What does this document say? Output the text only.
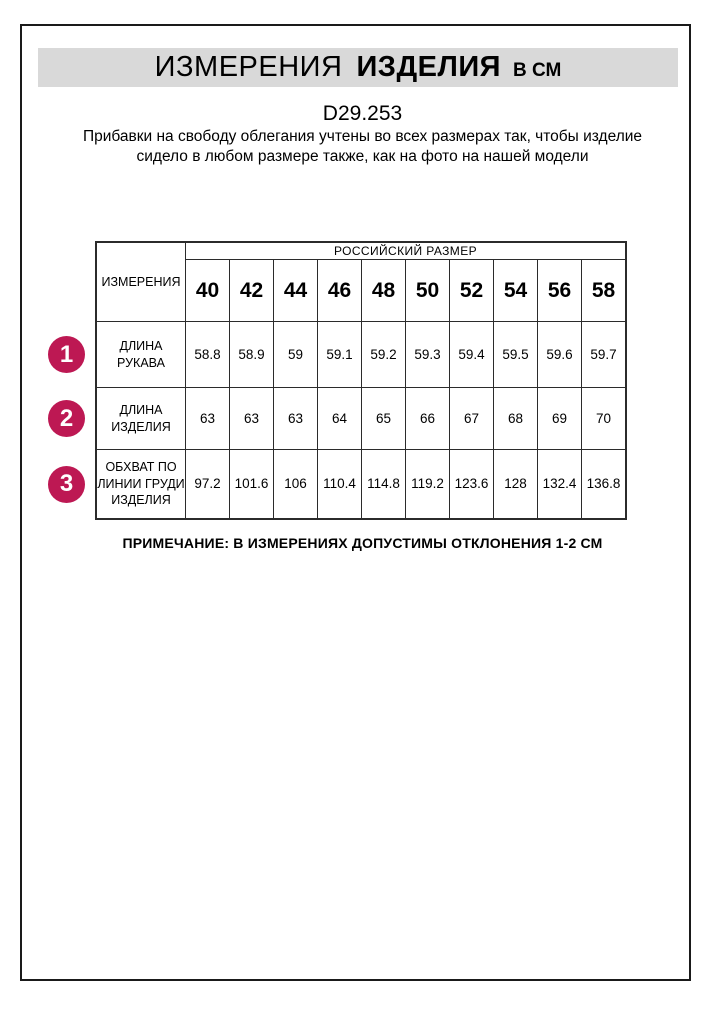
ИЗМЕРЕНИЯ ИЗДЕЛИЯ В СМ
D29.253

Прибавки на свободу облегания учтены во всех размерах так, чтобы изделие сидело в любом размере также, как на фото на нашей модели

ИЗМЕРЕНИЯ	РОССИЙСКИЙ РАЗМЕР									
	40	42	44	46	48	50	52	54	56	58
ДЛИНА РУКАВА	58.8	58.9	59	59.1	59.2	59.3	59.4	59.5	59.6	59.7
ДЛИНА ИЗДЕЛИЯ	63	63	63	64	65	66	67	68	69	70
ОБХВАТ ПО ЛИНИИ ГРУДИ ИЗДЕЛИЯ	97.2	101.6	106	110.4	114.8	119.2	123.6	128	132.4	136.8
1
2
3
ПРИМЕЧАНИЕ: В ИЗМЕРЕНИЯХ ДОПУСТИМЫ ОТКЛОНЕНИЯ 1-2 СМ
